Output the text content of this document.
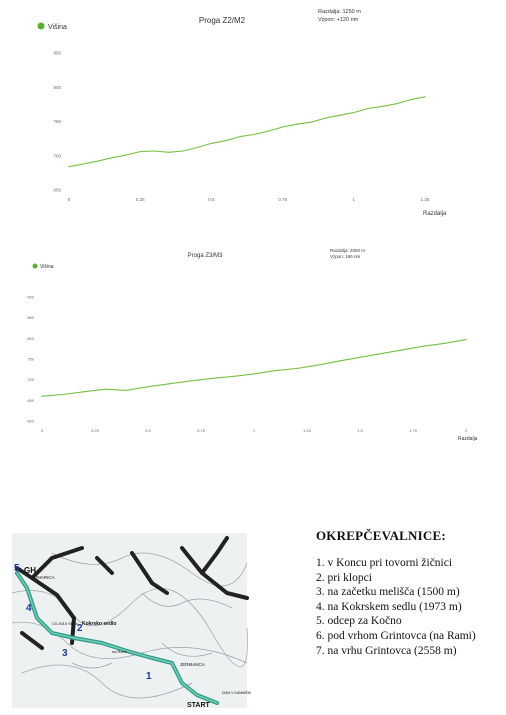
Višina
Proga Z2/M2
Razdalja: 1250 m
Vzpon: +120 nm
Razdalja
650
700
750
800
850
0	0.25	0.5	0.75	1	1.25
Višina
Proga Z3/M3
Razdalja: 2050 m
Vzpon: 196 nm
Razdalja
600
650
700
750
800
850
900
0	0.25	0.5	0.75	1	1.25	1.5	1.75	2
GH
MLINARICA
Kokrsko sedlo
C0.2010 SEDL
JERMANCA
START
DOM V KAMNIŠKI
na Rami
1
2
3
4
5
OKREPČEVALNICE:
1. v Koncu pri tovorni žičnici
2. pri klopci
3. na začetku melišča (1500 m)
4. na Kokrskem sedlu (1973 m)
5. odcep za Kočno
6. pod vrhom Grintovca (na Rami)
7. na vrhu Grintovca (2558 m)
